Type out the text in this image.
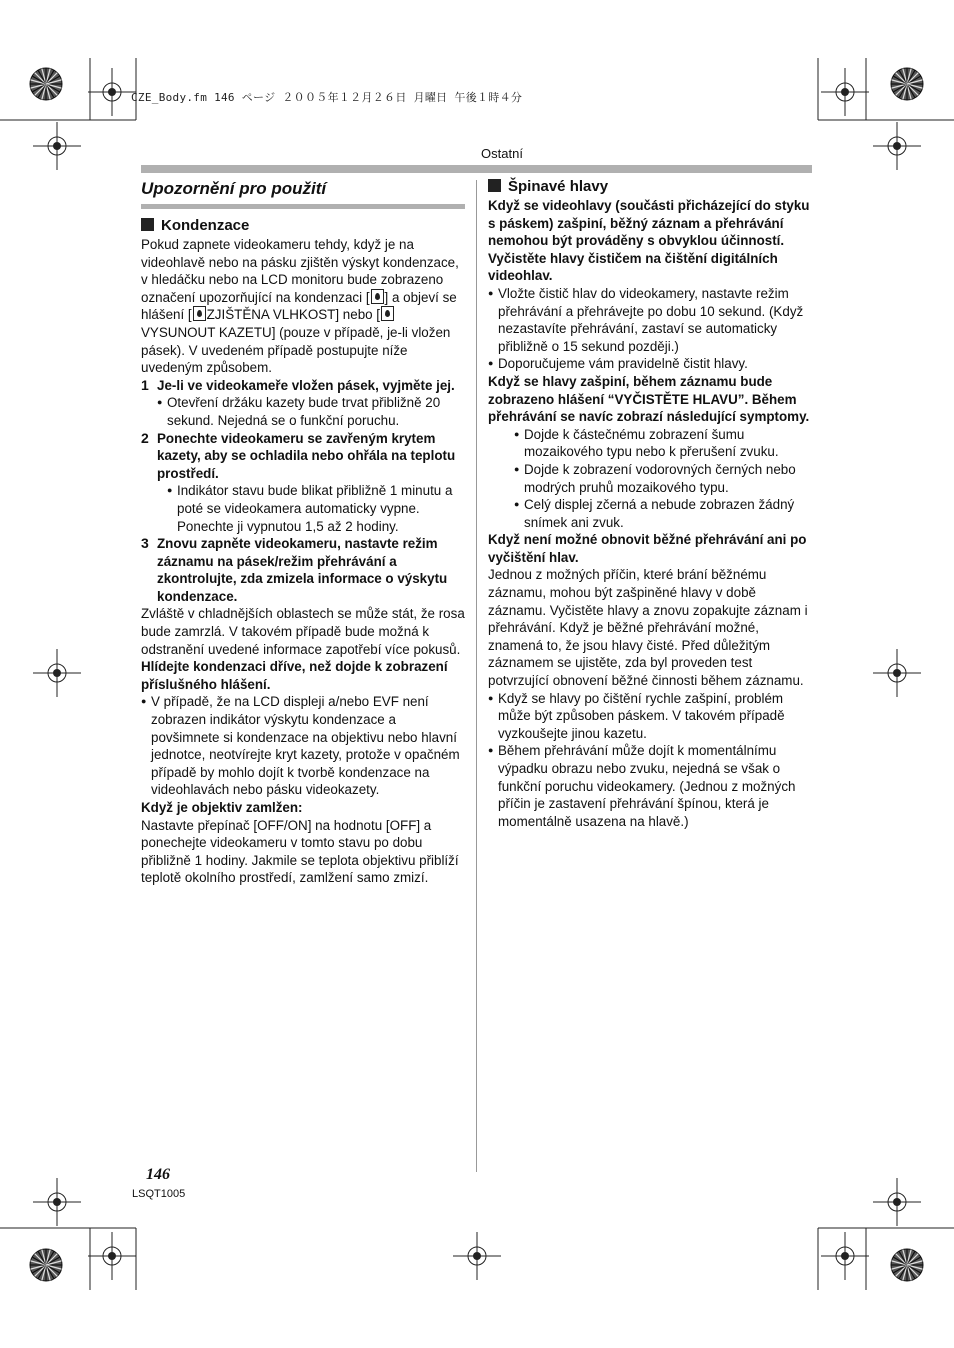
CZE_Body.fm 146 ページ ２００５年１２月２６日 月曜日 午後１時４分
Ostatní
Upozornění pro použití
Kondenzace

Pokud zapnete videokameru tehdy, když je na videohlavě nebo na pásku zjištěn výskyt kondenzace, v hledáčku nebo na LCD monitoru bude zobrazeno označení upozorňující na kondenzaci [ ] a objeví se hlášení [ ZJIŠTĚNA VLHKOST] nebo [VYSUNOUT KAZETU] (pouze v případě, je-li vložen pásek). V uvedeném případě postupujte níže uvedeným způsobem.

1 Je-li ve videokameře vložen pásek, vyjměte jej.

● Otevření držáku kazety bude trvat přibližně 20 sekund. Nejedná se o funkční poruchu.

2 Ponechte videokameru se zavřeným krytem kazety, aby se ochladila nebo ohřála na teplotu prostředí.

● Indikátor stavu bude blikat přibližně 1 minutu a poté se videokamera automaticky vypne. Ponechte ji vypnutou 1,5 až 2 hodiny.

3 Znovu zapněte videokameru, nastavte režim záznamu na pásek/režim přehrávání a zkontrolujte, zda zmizela informace o výskytu kondenzace.

Zvláště v chladnějších oblastech se může stát, že rosa bude zamrzlá. V takovém případě bude možná k odstranění uvedené informace zapotřebí více pokusů.

Hlídejte kondenzaci dříve, než dojde k zobrazení příslušného hlášení.

● V případě, že na LCD displeji a/nebo EVF není zobrazen indikátor výskytu kondenzace a povšimnete si kondenzace na objektivu nebo hlavní jednotce, neotvírejte kryt kazety, protože v opačném případě by mohlo dojít k tvorbě kondenzace na videohlavách nebo pásku videokazety.

Když je objektiv zamlžen:

Nastavte přepínač [OFF/ON] na hodnotu [OFF] a ponechejte videokameru v tomto stavu po dobu přibližně 1 hodiny. Jakmile se teplota objektivu přiblíží teplotě okolního prostředí, zamlžení samo zmizí.

Špinavé hlavy

Když se videohlavy (součásti přicházející do styku s páskem) zašpiní, běžný záznam a přehrávání nemohou být prováděny s obvyklou účinností. Vyčistěte hlavy čističem na čištění digitálních videohlav.

● Vložte čistič hlav do videokamery, nastavte režim přehrávání a přehrávejte po dobu 10 sekund. (Když nezastavíte přehrávání, zastaví se automaticky přibližně o 15 sekund později.)

● Doporučujeme vám pravidelně čistit hlavy.

Když se hlavy zašpiní, během záznamu bude zobrazeno hlášení “VYČISTĚTE HLAVU”. Během přehrávání se navíc zobrazí následující symptomy.

● Dojde k částečnému zobrazení šumu mozaikového typu nebo k přerušení zvuku.

● Dojde k zobrazení vodorovných černých nebo modrých pruhů mozaikového typu.

● Celý displej zčerná a nebude zobrazen žádný snímek ani zvuk.

Když není možné obnovit běžné přehrávání ani po vyčištění hlav.

Jednou z možných příčin, které brání běžnému záznamu, mohou být zašpiněné hlavy v době záznamu. Vyčistěte hlavy a znovu zopakujte záznam i přehrávání. Když je běžné přehrávání možné, znamená to, že jsou hlavy čisté. Před důležitým záznamem se ujistěte, zda byl proveden test potvrzující obnovení běžné činnosti během záznamu.

● Když se hlavy po čištění rychle zašpiní, problém může být způsoben páskem. V takovém případě vyzkoušejte jinou kazetu.

● Během přehrávání může dojít k momentálnímu výpadku obrazu nebo zvuku, nejedná se však o funkční poruchu videokamery. (Jednou z možných příčin je zastavení přehrávání špínou, která je momentálně usazena na hlavě.)

146
LSQT1005
